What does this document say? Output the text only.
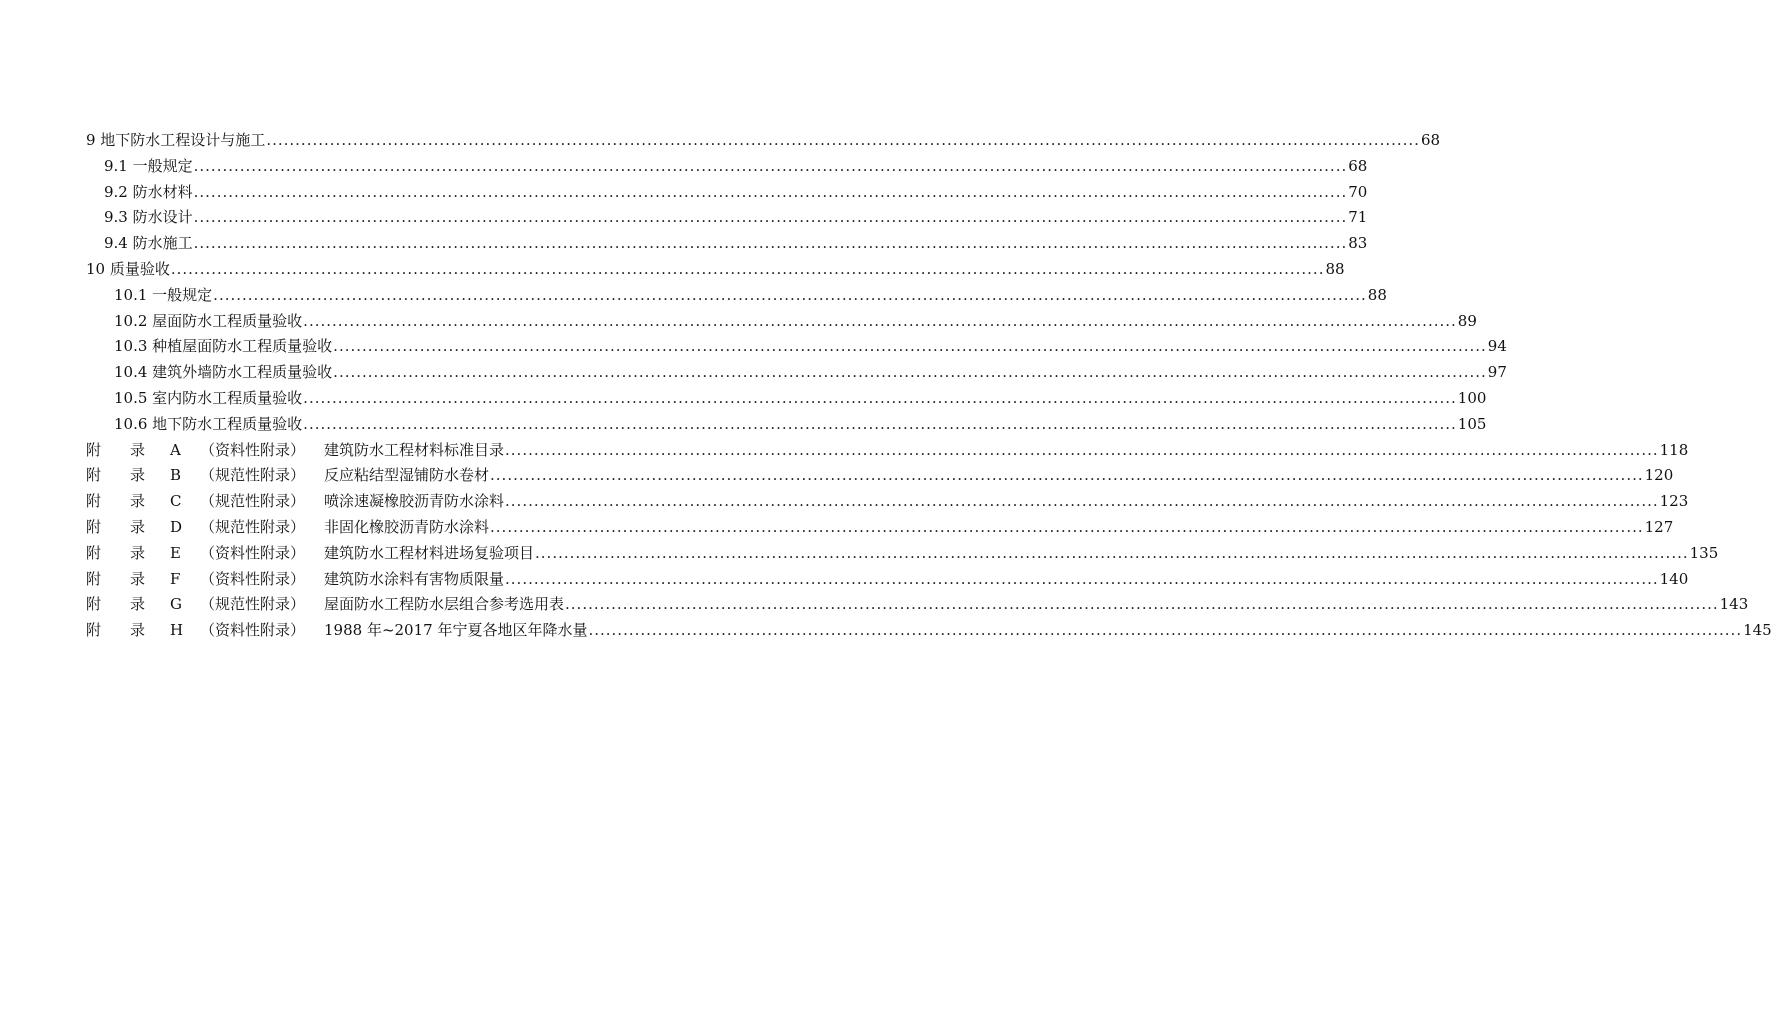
9 地下防水工程设计与施工 ........................................................................................................................................................................................................ 68
9.1 一般规定 ........................................................................................................................................................................................................ 68
9.2 防水材料 ........................................................................................................................................................................................................ 70
9.3 防水设计 ........................................................................................................................................................................................................ 71
9.4 防水施工 ........................................................................................................................................................................................................ 83
10 质量验收 ........................................................................................................................................................................................................ 88
10.1 一般规定 ........................................................................................................................................................................................................ 88
10.2 屋面防水工程质量验收 ........................................................................................................................................................................................................ 89
10.3 种植屋面防水工程质量验收 ........................................................................................................................................................................................................ 94
10.4 建筑外墙防水工程质量验收 ........................................................................................................................................................................................................ 97
10.5 室内防水工程质量验收 ........................................................................................................................................................................................................ 100
10.6 地下防水工程质量验收 ........................................................................................................................................................................................................ 105
附	录	A	（资料性附录）	建筑防水工程材料标准目录 ........................................................................................................................................................................................................ 118
附	录	B	（规范性附录）	反应粘结型湿铺防水卷材 ........................................................................................................................................................................................................ 120
附	录	C	（规范性附录）	喷涂速凝橡胶沥青防水涂料 ........................................................................................................................................................................................................ 123
附	录	D	（规范性附录）	非固化橡胶沥青防水涂料 ........................................................................................................................................................................................................ 127
附	录	E	（资料性附录）	建筑防水工程材料进场复验项目 ........................................................................................................................................................................................................ 135
附	录	F	（资料性附录）	建筑防水涂料有害物质限量 ........................................................................................................................................................................................................ 140
附	录	G	（规范性附录）	屋面防水工程防水层组合参考选用表 ........................................................................................................................................................................................................ 143
附	录	H	（资料性附录）	1988 年~2017 年宁夏各地区年降水量 ........................................................................................................................................................................................................ 145
